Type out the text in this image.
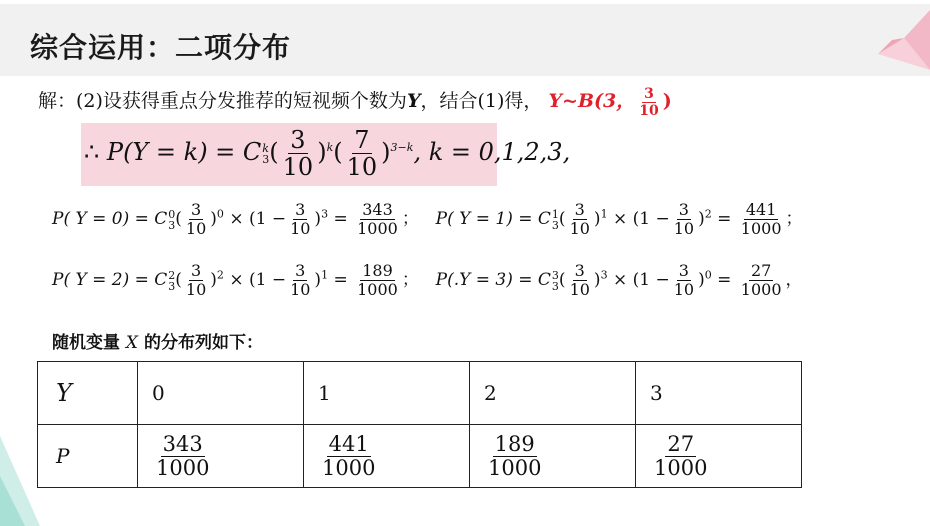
综合运用：二项分布
解：(2)设获得重点分发推荐的短视频个数为Y，结合(1)得， Y~B(3， $\frac{3}{10}$ )
∴ P(Y = k) = C k
3 ( $\frac{3}{10} )^k( \frac{7}{10} )^{3-k}$, k = 0,1,2,3,
P( Y = 0) = C 0
3 ( $\frac{3}{10} )^0 \times (1 - \frac{3}{10} )^3 = \frac{343}{1000}$ ； P( Y = 1) = C 1
3 ( $\frac{3}{10} )^1 \times (1 - \frac{3}{10} )^2 = \frac{441}{1000}$ ；
P( Y = 2) = C 2
3 ( $\frac{3}{10} )^2 \times (1 - \frac{3}{10} )^1 = \frac{189}{1000}$ ； P(.Y = 3) = C 3
3 ( $\frac{3}{10} )^3 \times (1 - \frac{3}{10} )^0 = \frac{27}{1000}$ ，
随机变量 X 的分布列如下：
Y	0	1	2	3
P	$\frac{343}{1000}$	$\frac{441}{1000}$	$\frac{189}{1000}$	$\frac{27}{1000}$
